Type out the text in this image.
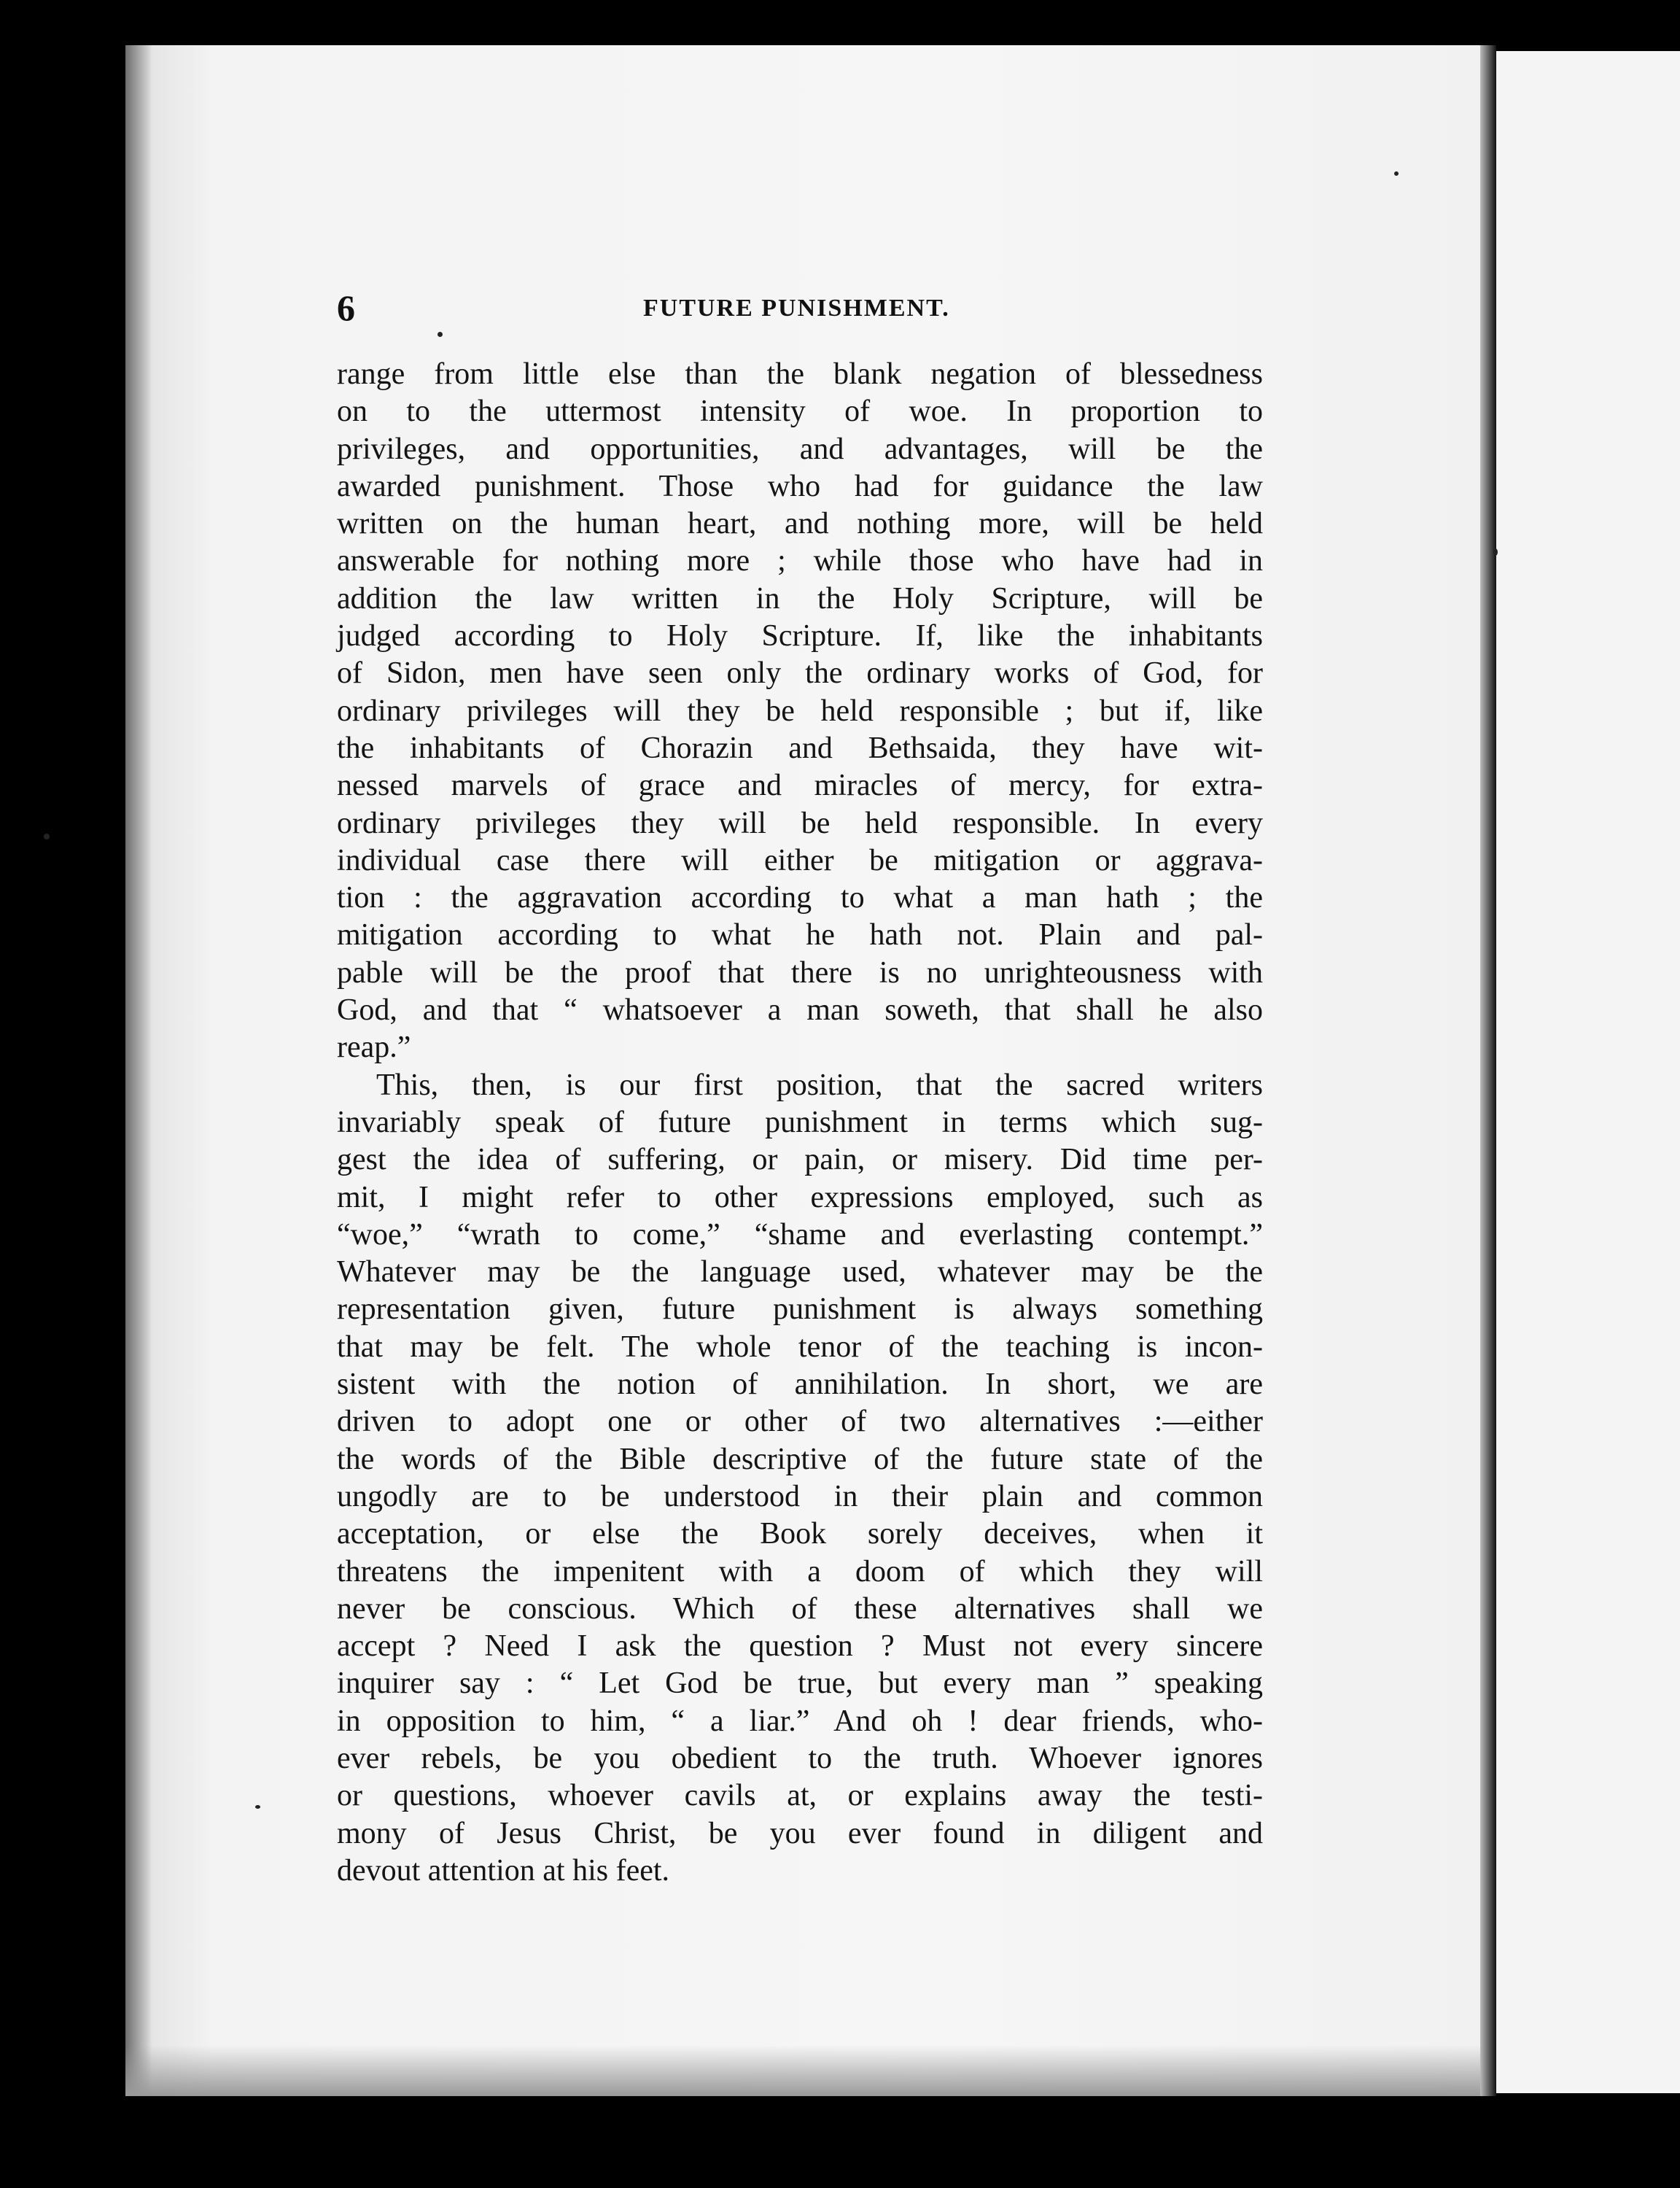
6	FUTURE PUNISHMENT.
range from little else than the blank negation of blessedness
on to the uttermost intensity of woe. In proportion to
privileges, and opportunities, and advantages, will be the
awarded punishment. Those who had for guidance the law
written on the human heart, and nothing more, will be held
answerable for nothing more ; while those who have had in
addition the law written in the Holy Scripture, will be
judged according to Holy Scripture. If, like the inhabitants
of Sidon, men have seen only the ordinary works of God, for
ordinary privileges will they be held responsible ; but if, like
the inhabitants of Chorazin and Bethsaida, they have wit-
nessed marvels of grace and miracles of mercy, for extra-
ordinary privileges they will be held responsible. In every
individual case there will either be mitigation or aggrava-
tion : the aggravation according to what a man hath ; the
mitigation according to what he hath not. Plain and pal-
pable will be the proof that there is no unrighteousness with
God, and that “ whatsoever a man soweth, that shall he also
reap.”
This, then, is our first position, that the sacred writers
invariably speak of future punishment in terms which sug-
gest the idea of suffering, or pain, or misery. Did time per-
mit, I might refer to other expressions employed, such as
“woe,” “wrath to come,” “shame and everlasting contempt.”
Whatever may be the language used, whatever may be the
representation given, future punishment is always something
that may be felt. The whole tenor of the teaching is incon-
sistent with the notion of annihilation. In short, we are
driven to adopt one or other of two alternatives :—either
the words of the Bible descriptive of the future state of the
ungodly are to be understood in their plain and common
acceptation, or else the Book sorely deceives, when it
threatens the impenitent with a doom of which they will
never be conscious. Which of these alternatives shall we
accept ? Need I ask the question ? Must not every sincere
inquirer say : “ Let God be true, but every man ” speaking
in opposition to him, “ a liar.” And oh ! dear friends, who-
ever rebels, be you obedient to the truth. Whoever ignores
or questions, whoever cavils at, or explains away the testi-
mony of Jesus Christ, be you ever found in diligent and
devout attention at his feet.
